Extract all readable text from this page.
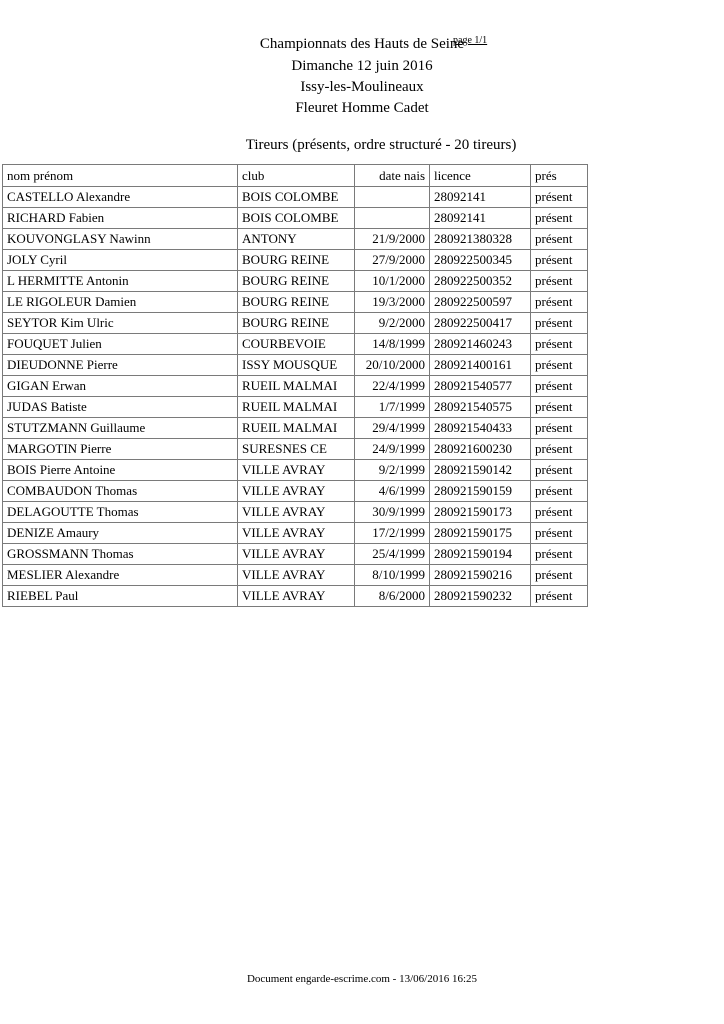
page 1/1
Championnats des Hauts de Seine
Dimanche 12 juin 2016
Issy-les-Moulineaux
Fleuret Homme Cadet
Tireurs (présents, ordre structuré - 20 tireurs)
nom prénom	club	date nais	licence	prés
CASTELLO Alexandre	BOIS COLOMBE		28092141	présent
RICHARD Fabien	BOIS COLOMBE		28092141	présent
KOUVONGLASY Nawinn	ANTONY	21/9/2000	280921380328	présent
JOLY Cyril	BOURG REINE	27/9/2000	280922500345	présent
L HERMITTE Antonin	BOURG REINE	10/1/2000	280922500352	présent
LE RIGOLEUR Damien	BOURG REINE	19/3/2000	280922500597	présent
SEYTOR Kim Ulric	BOURG REINE	9/2/2000	280922500417	présent
FOUQUET Julien	COURBEVOIE	14/8/1999	280921460243	présent
DIEUDONNE Pierre	ISSY MOUSQUE	20/10/2000	280921400161	présent
GIGAN Erwan	RUEIL MALMAI	22/4/1999	280921540577	présent
JUDAS Batiste	RUEIL MALMAI	1/7/1999	280921540575	présent
STUTZMANN Guillaume	RUEIL MALMAI	29/4/1999	280921540433	présent
MARGOTIN Pierre	SURESNES CE	24/9/1999	280921600230	présent
BOIS Pierre Antoine	VILLE AVRAY	9/2/1999	280921590142	présent
COMBAUDON Thomas	VILLE AVRAY	4/6/1999	280921590159	présent
DELAGOUTTE Thomas	VILLE AVRAY	30/9/1999	280921590173	présent
DENIZE Amaury	VILLE AVRAY	17/2/1999	280921590175	présent
GROSSMANN Thomas	VILLE AVRAY	25/4/1999	280921590194	présent
MESLIER Alexandre	VILLE AVRAY	8/10/1999	280921590216	présent
RIEBEL Paul	VILLE AVRAY	8/6/2000	280921590232	présent
Document engarde-escrime.com - 13/06/2016 16:25
